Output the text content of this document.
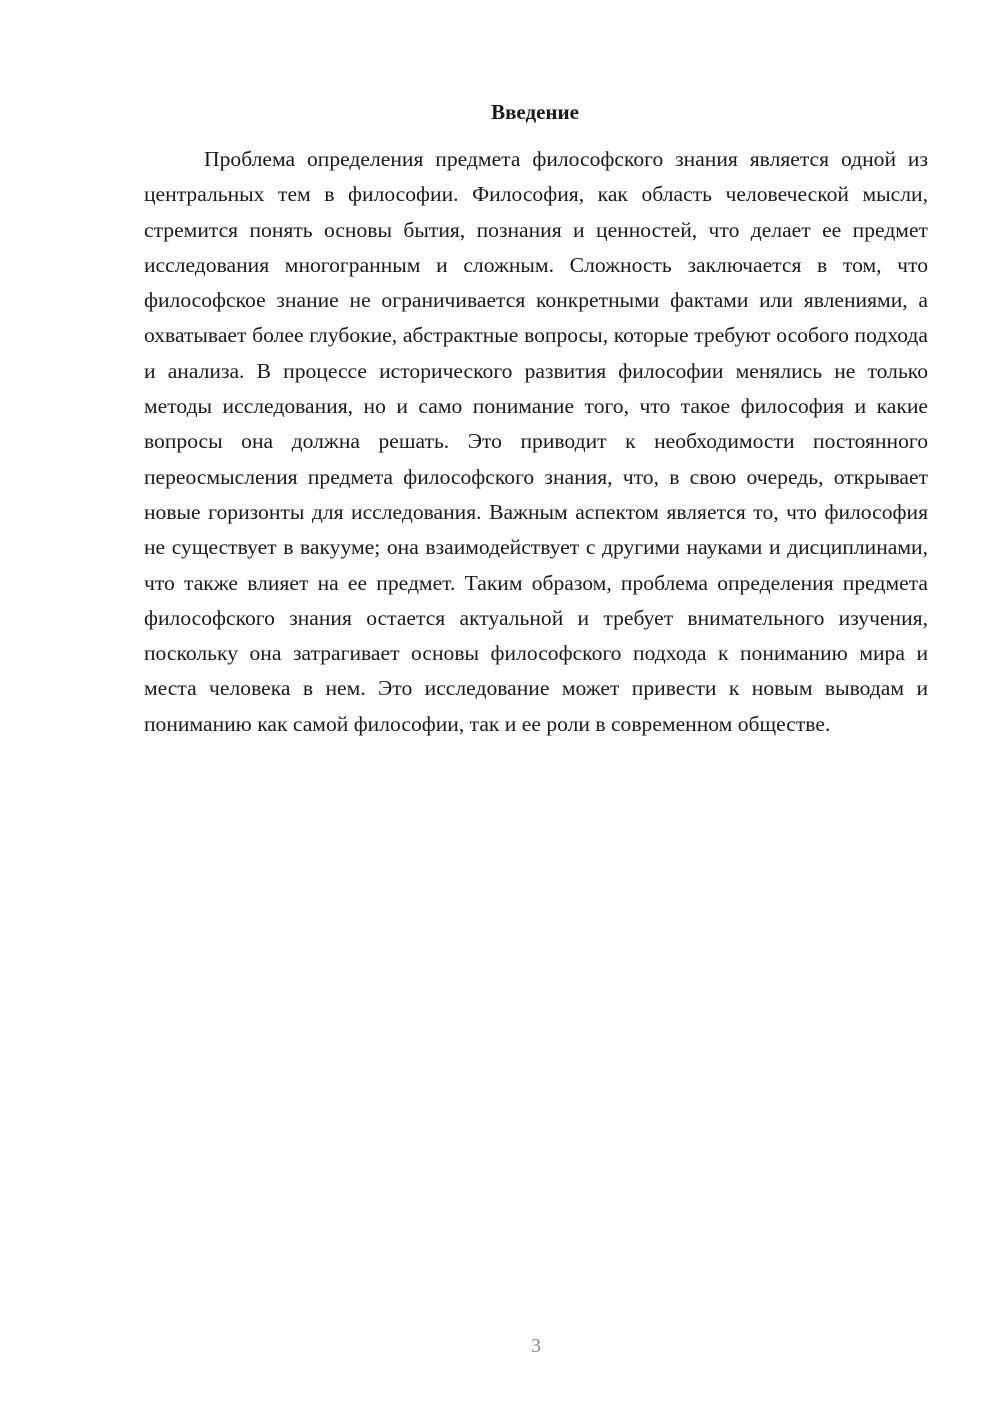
Введение

Проблема определения предмета философского знания является одной из центральных тем в философии. Философия, как область человеческой мысли, стремится понять основы бытия, познания и ценностей, что делает ее предмет исследования многогранным и сложным. Сложность заключается в том, что философское знание не ограничивается конкретными фактами или явлениями, а охватывает более глубокие, абстрактные вопросы, которые требуют особого подхода и анализа. В процессе исторического развития философии менялись не только методы исследования, но и само понимание того, что такое философия и какие вопросы она должна решать. Это приводит к необходимости постоянного переосмысления предмета философского знания, что, в свою очередь, открывает новые горизонты для исследования. Важным аспектом является то, что философия не существует в вакууме; она взаимодействует с другими науками и дисциплинами, что также влияет на ее предмет. Таким образом, проблема определения предмета философского знания остается актуальной и требует внимательного изучения, поскольку она затрагивает основы философского подхода к пониманию мира и места человека в нем. Это исследование может привести к новым выводам и пониманию как самой философии, так и ее роли в современном обществе.

3
